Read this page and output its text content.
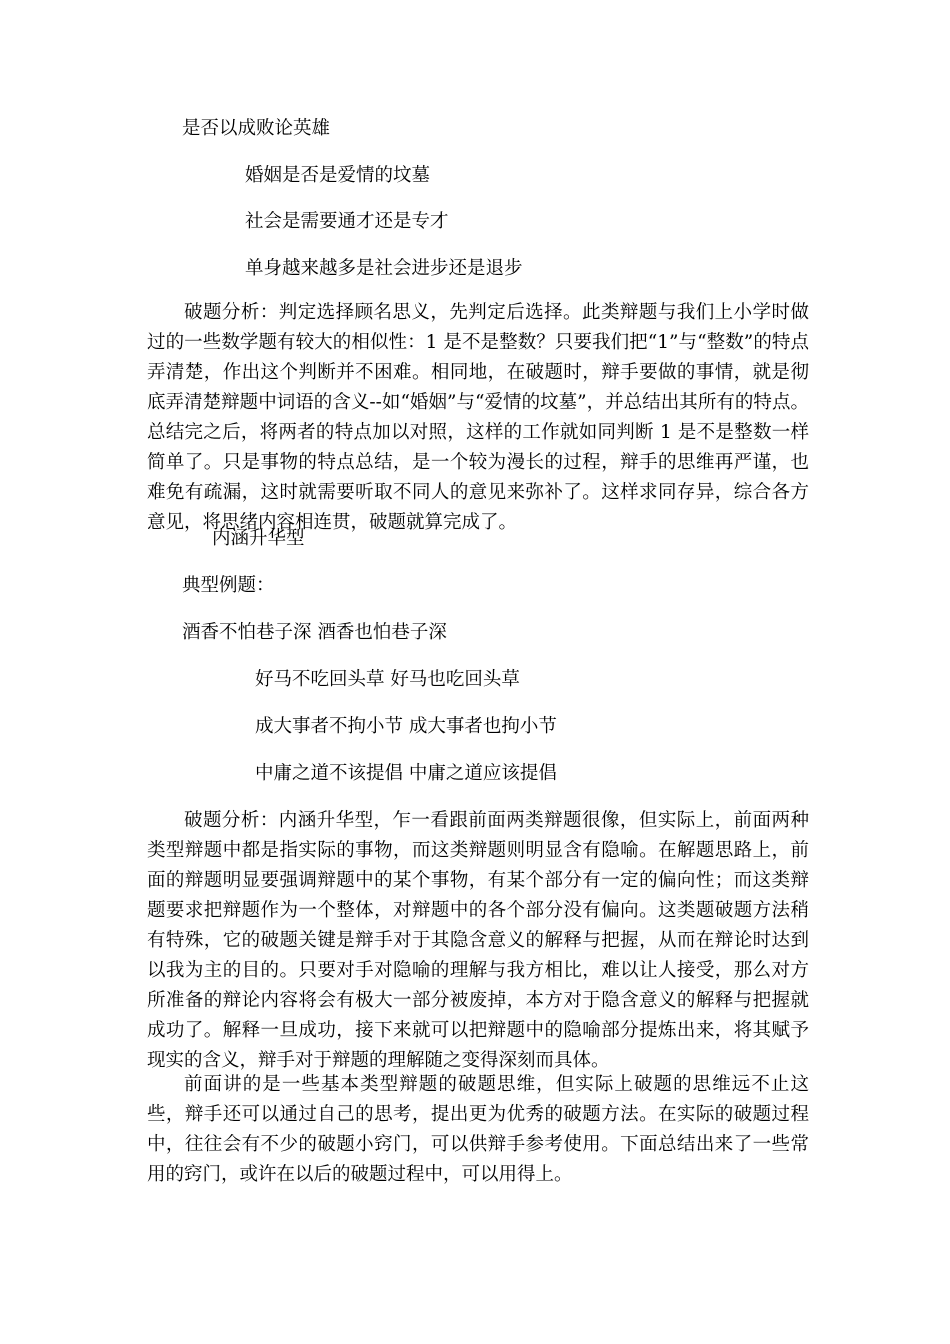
是否以成败论英雄

婚姻是否是爱情的坟墓

社会是需要通才还是专才

单身越来越多是社会进步还是退步

破题分析：判定选择顾名思义，先判定后选择。此类辩题与我们上小学时做过的一些数学题有较大的相似性：1 是不是整数？只要我们把“1”与“整数”的特点弄清楚，作出这个判断并不困难。相同地，在破题时，辩手要做的事情，就是彻底弄清楚辩题中词语的含义--如“婚姻”与“爱情的坟墓”，并总结出其所有的特点。总结完之后，将两者的特点加以对照，这样的工作就如同判断 1 是不是整数一样简单了。只是事物的特点总结，是一个较为漫长的过程，辩手的思维再严谨，也难免有疏漏，这时就需要听取不同人的意见来弥补了。这样求同存异，综合各方意见，将思绪内容相连贯，破题就算完成了。

内涵升华型

典型例题：

酒香不怕巷子深 酒香也怕巷子深

好马不吃回头草 好马也吃回头草

成大事者不拘小节 成大事者也拘小节

中庸之道不该提倡 中庸之道应该提倡

破题分析：内涵升华型，乍一看跟前面两类辩题很像，但实际上，前面两种类型辩题中都是指实际的事物，而这类辩题则明显含有隐喻。在解题思路上，前面的辩题明显要强调辩题中的某个事物，有某个部分有一定的偏向性；而这类辩题要求把辩题作为一个整体，对辩题中的各个部分没有偏向。这类题破题方法稍有特殊，它的破题关键是辩手对于其隐含意义的解释与把握，从而在辩论时达到以我为主的目的。只要对手对隐喻的理解与我方相比，难以让人接受，那么对方所准备的辩论内容将会有极大一部分被废掉，本方对于隐含意义的解释与把握就成功了。解释一旦成功，接下来就可以把辩题中的隐喻部分提炼出来，将其赋予现实的含义，辩手对于辩题的理解随之变得深刻而具体。

前面讲的是一些基本类型辩题的破题思维，但实际上破题的思维远不止这些，辩手还可以通过自己的思考，提出更为优秀的破题方法。在实际的破题过程中，往往会有不少的破题小窍门，可以供辩手参考使用。下面总结出来了一些常用的窍门，或许在以后的破题过程中，可以用得上。
